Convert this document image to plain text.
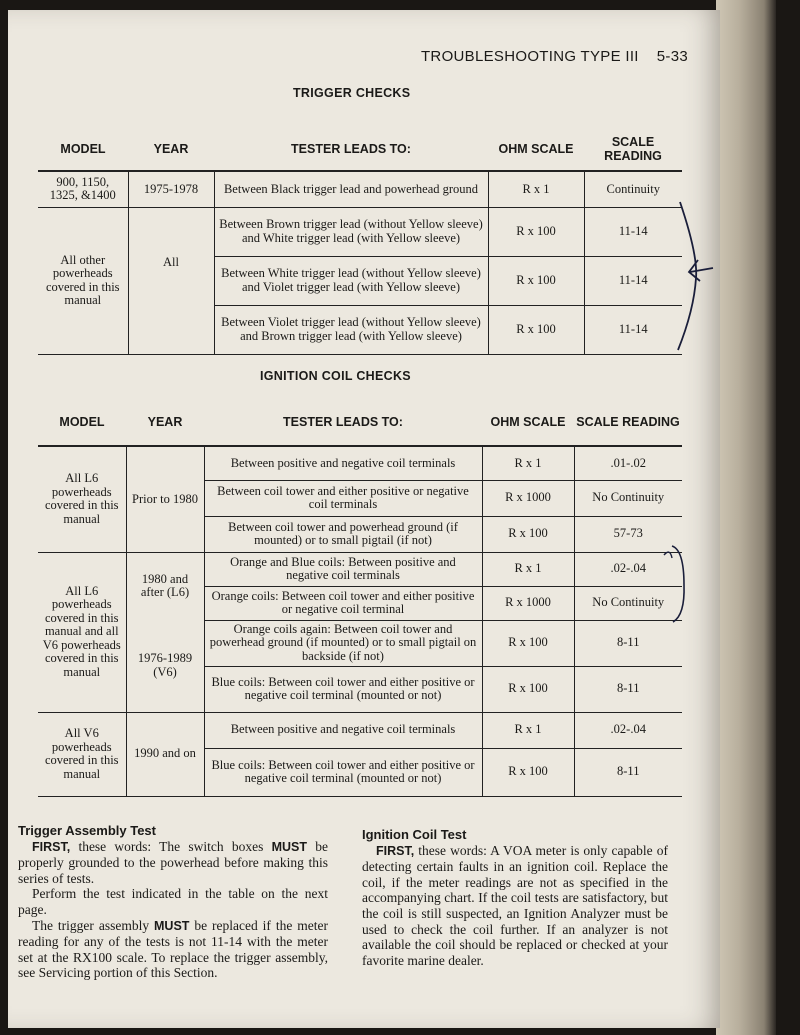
TROUBLESHOOTING TYPE III 5-33
TRIGGER CHECKS
MODEL	YEAR	TESTER LEADS TO:	OHM SCALE	SCALE READING
900, 1150, 1325, &1400	1975-1978	Between Black trigger lead and powerhead ground	R x 1	Continuity
All other powerheads covered in this manual	All	Between Brown trigger lead (without Yellow sleeve) and White trigger lead (with Yellow sleeve)	R x 100	11-14
		Between White trigger lead (without Yellow sleeve) and Violet trigger lead (with Yellow sleeve)	R x 100	11-14
		Between Violet trigger lead (without Yellow sleeve) and Brown trigger lead (with Yellow sleeve)	R x 100	11-14
IGNITION COIL CHECKS
MODEL	YEAR	TESTER LEADS TO:	OHM SCALE	SCALE READING
All L6 powerheads covered in this manual	Prior to 1980	Between positive and negative coil terminals	R x 1	.01-.02
		Between coil tower and either positive or negative coil terminals	R x 1000	No Continuity
		Between coil tower and powerhead ground (if mounted) or to small pigtail (if not)	R x 100	57-73
All L6 powerheads covered in this manual and all V6 powerheads covered in this manual	1980 and after (L6)	Orange and Blue coils: Between positive and negative coil terminals	R x 1	.02-.04
		Orange coils: Between coil tower and either positive or negative coil terminal	R x 1000	No Continuity
	1976-1989 (V6)	Orange coils again: Between coil tower and powerhead ground (if mounted) or to small pigtail on backside (if not)	R x 100	8-11
		Blue coils: Between coil tower and either positive or negative coil terminal (mounted or not)	R x 100	8-11
All V6 powerheads covered in this manual	1990 and on	Between positive and negative coil terminals	R x 1	.02-.04
		Blue coils: Between coil tower and either positive or negative coil terminal (mounted or not)	R x 100	8-11
Trigger Assembly Test

FIRST, these words: The switch boxes MUST be properly grounded to the powerhead before making this series of tests.

Perform the test indicated in the table on the next page.

The trigger assembly MUST be replaced if the meter reading for any of the tests is not 11-14 with the meter set at the RX100 scale. To replace the trigger assembly, see Servicing portion of this Section.

Ignition Coil Test

FIRST, these words: A VOA meter is only capable of detecting certain faults in an ignition coil. Replace the coil, if the meter readings are not as specified in the accompanying chart. If the coil tests are satisfactory, but the coil is still suspected, an Ignition Analyzer must be used to check the coil further. If an analyzer is not available the coil should be replaced or checked at your favorite marine dealer.
